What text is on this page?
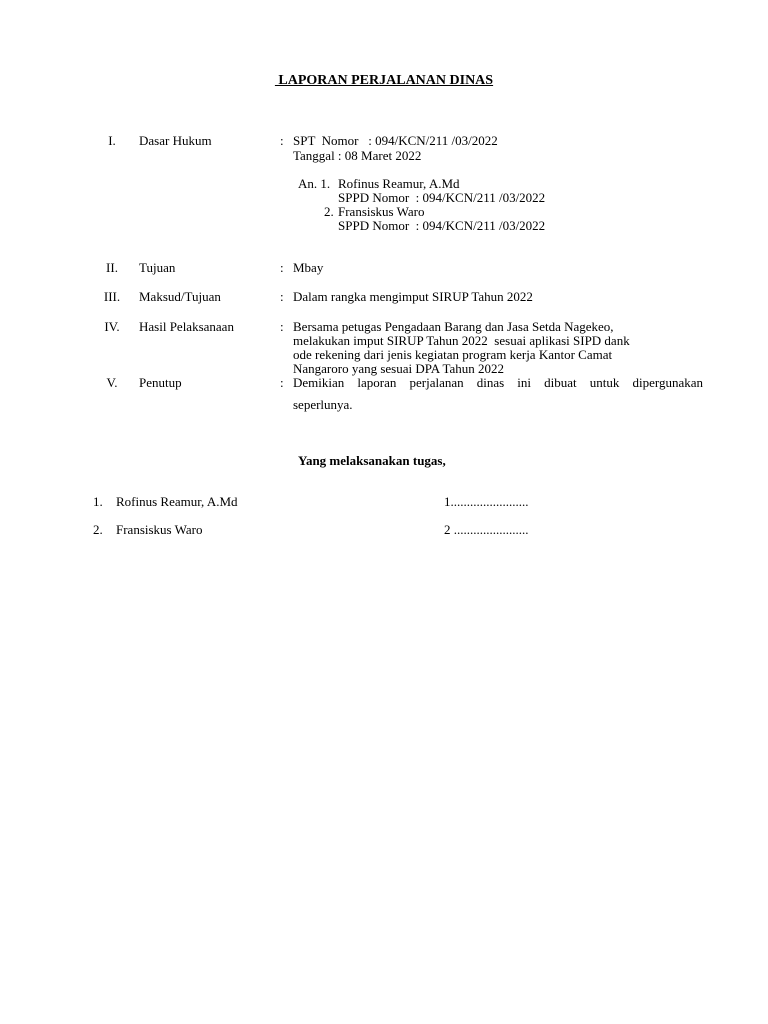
LAPORAN PERJALANAN DINAS
I.	Dasar Hukum	: SPT  Nomor   : 094/KCN/211 /03/2022
Tanggal : 08 Maret 2022
An. 1. Rofinus Reamur, A.Md
SPPD Nomor  : 094/KCN/211 /03/2022
2. Fransiskus Waro
SPPD Nomor  : 094/KCN/211 /03/2022
II.	Tujuan	: Mbay
III.	Maksud/Tujuan	: Dalam rangka mengimput SIRUP Tahun 2022
IV.	Hasil Pelaksanaan	: Bersama petugas Pengadaan Barang dan Jasa Setda Nagekeo,
melakukan imput SIRUP Tahun 2022  sesuai aplikasi SIPD dank
ode rekening dari jenis kegiatan program kerja Kantor Camat
Nangaroro yang sesuai DPA Tahun 2022
V.	Penutup	: Demikian laporan perjalanan dinas ini dibuat untuk dipergunakan
seperlunya.
Yang melaksanakan tugas,
1. Rofinus Reamur, A.Md	1........................
2. Fransiskus Waro	2 .......................
